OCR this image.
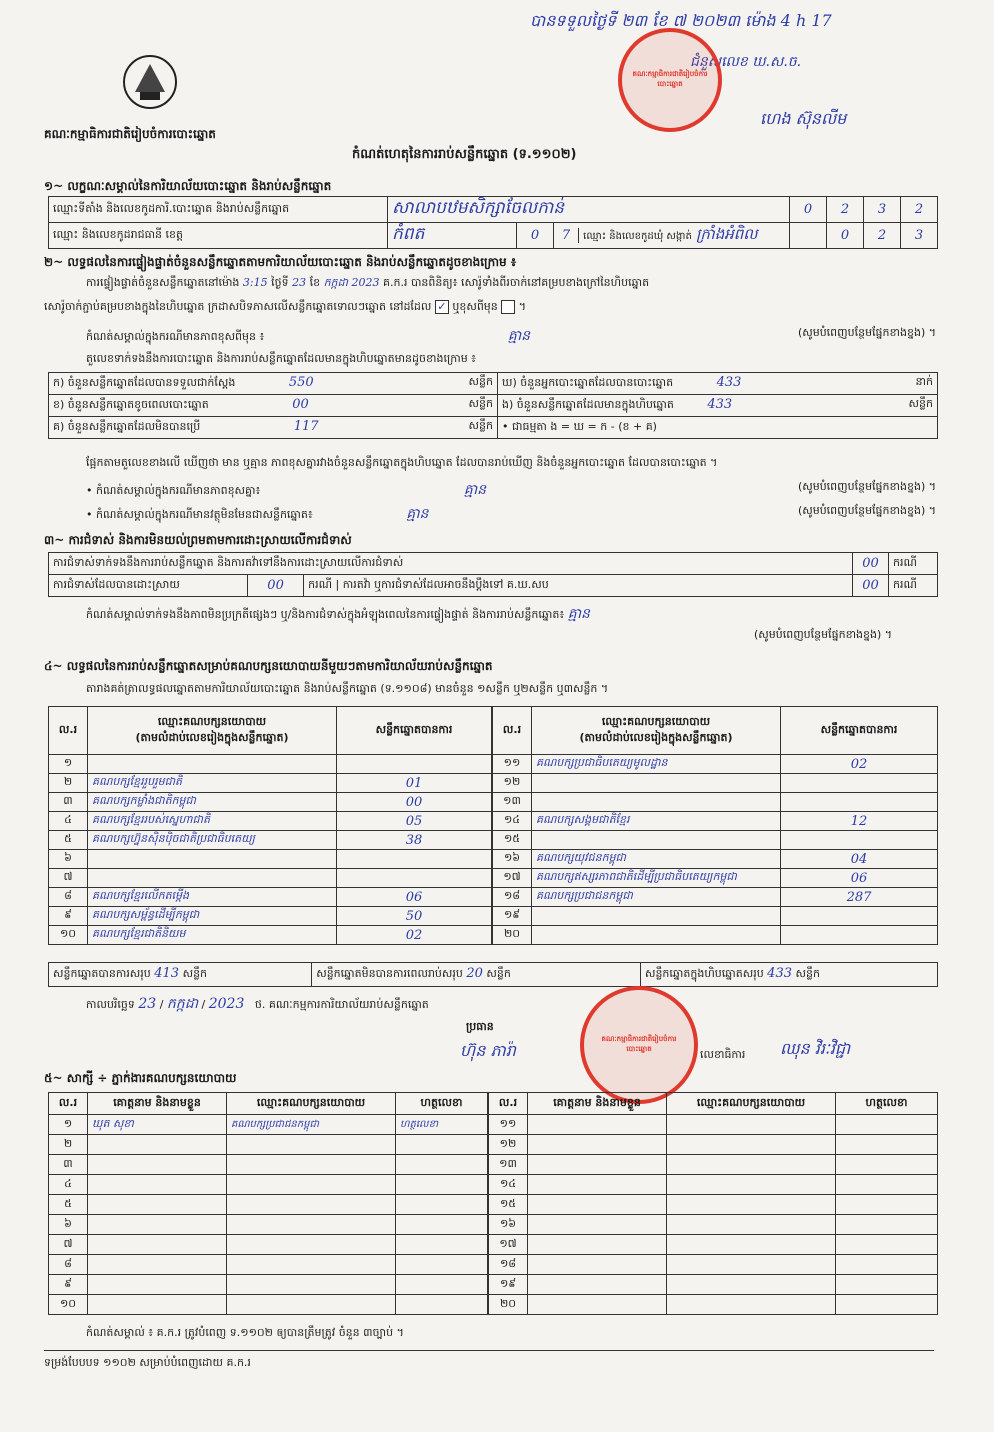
បានទទួលថ្ងៃទី ២៣ ខែ ៧ ២០២៣ ម៉ោង 4 h 17
ជំនួសលេខ ឃ.ស.ច.
ហេង ស៊ុនលីម
គណៈកម្មាធិការជាតិរៀបចំការបោះឆ្នោត
គណៈកម្មាធិការជាតិរៀបចំការបោះឆ្នោត
កំណត់ហេតុនៃការរាប់សន្លឹកឆ្នោត (ទ.១១០២)
១~ លក្ខណៈសម្គាល់នៃការិយាល័យបោះឆ្នោត និងរាប់សន្លឹកឆ្នោត
ឈ្មោះទីតាំង និងលេខកូដការិ.បោះឆ្នោត និងរាប់សន្លឹកឆ្នោត	សាលាបឋមសិក្សាចែលកាន់			0	2	3	2
ឈ្មោះ និងលេខកូដរាជធានី ខេត្ត	កំពត	0	7 ឈ្មោះ និងលេខកូដឃុំ សង្កាត់ ក្រាំងអំពិល		0	2	3
២~ លទ្ធផលនៃការផ្ទៀងផ្ទាត់ចំនួនសន្លឹកឆ្នោតតាមការិយាល័យបោះឆ្នោត និងរាប់សន្លឹកឆ្នោតដូចខាងក្រោម ៖
ការផ្ទៀងផ្ទាត់ចំនួនសន្លឹកឆ្នោតនៅម៉ោង 3:15 ថ្ងៃទី 23 ខែ កក្កដា 2023 គ.ក.រ បានពិនិត្យ៖ សោរ៉ូទាំងពីរចាក់នៅគម្របខាងក្រៅនៃហិបឆ្នោត
សោរ៉ូចាក់ភ្ជាប់គម្របខាងក្នុងនៃហិបឆ្នោត ក្រដាសបិទភាសលើសន្លឹកឆ្នោតទោលៗឆ្នោត នៅដដែល ✓ ឬខុសពីមុន  ។
កំណត់សម្គាល់ក្នុងករណីមានភាពខុសពីមុន ៖	គ្មាន	(សូមបំពេញបន្ថែមផ្នែកខាងខ្នង) ។
តួលេខទាក់ទងនឹងការបោះឆ្នោត និងការរាប់សន្លឹកឆ្នោតដែលមានក្នុងហិបឆ្នោតមានដូចខាងក្រោម ៖
ក) ចំនួនសន្លឹកឆ្នោតដែលបានទទួលជាក់ស្តែង 550 សន្លឹក	ឃ) ចំនួនអ្នកបោះឆ្នោតដែលបានបោះឆ្នោត 433 នាក់

ខ) ចំនួនសន្លឹកឆ្នោតខូចពេលបោះឆ្នោត 00 សន្លឹក	ង) ចំនួនសន្លឹកឆ្នោតដែលមានក្នុងហិបឆ្នោត 433 សន្លឹក

គ) ចំនួនសន្លឹកឆ្នោតដែលមិនបានប្រើ 117 សន្លឹក	• ជាធម្មតា ង = ឃ = ក - (ខ + គ)
ផ្អែកតាមតួលេខខាងលើ ឃើញថា មាន ឬគ្មាន ភាពខុសគ្នារវាងចំនួនសន្លឹកឆ្នោតក្នុងហិបឆ្នោត ដែលបានរាប់ឃើញ និងចំនួនអ្នកបោះឆ្នោត ដែលបានបោះឆ្នោត ។
• កំណត់សម្គាល់ក្នុងករណីមានភាពខុសគ្នា៖	គ្មាន	(សូមបំពេញបន្ថែមផ្នែកខាងខ្នង) ។
• កំណត់សម្គាល់ក្នុងករណីមានវត្ថុមិនមែនជាសន្លឹកឆ្នោត៖	គ្មាន	(សូមបំពេញបន្ថែមផ្នែកខាងខ្នង) ។
៣~ ការជំទាស់ និងការមិនយល់ព្រមតាមការដោះស្រាយលើការជំទាស់
ការជំទាស់ទាក់ទងនឹងការរាប់សន្លឹកឆ្នោត និងការតវ៉ាទៅនឹងការដោះស្រាយលើការជំទាស់			00	ករណី
ការជំទាស់ដែលបានដោះស្រាយ	00	ករណី | ការតវ៉ា ឬការជំទាស់ដែលអាចនឹងប្តឹងទៅ គ.ឃ.សប	00	ករណី
កំណត់សម្គាល់ទាក់ទងនឹងភាពមិនប្រក្រតីផ្សេងៗ ឬ/និងការជំទាស់ក្នុងអំឡុងពេលនៃការផ្ទៀងផ្ទាត់ និងការរាប់សន្លឹកឆ្នោត៖ គ្មាន
(សូមបំពេញបន្ថែមផ្នែកខាងខ្នង) ។
៤~ លទ្ធផលនៃការរាប់សន្លឹកឆ្នោតសម្រាប់គណបក្សនយោបាយនីមួយៗតាមការិយាល័យរាប់សន្លឹកឆ្នោត
តារាងគត់ត្រាលទ្ធផលឆ្នោតតាមការិយាល័យបោះឆ្នោត និងរាប់សន្លឹកឆ្នោត (ទ.១១០៨) មានចំនួន ១សន្លឹក ឬ២សន្លឹក ឬ៣សន្លឹក ។
ល.រ	ឈ្មោះគណបក្សនយោបាយ
(តាមលំដាប់លេខរៀងក្នុងសន្លឹកឆ្នោត)	សន្លឹកឆ្នោតបានការ
១		
២	គណបក្សខ្មែររួបរួមជាតិ	01
៣	គណបក្សកម្លាំងជាតិកម្ពុជា	00
៤	គណបក្សខ្មែររបស់ស្នេហាជាតិ	05
៥	គណបក្សហ្វ៊ុនស៊ិនប៉ិចជាតិប្រជាធិបតេយ្យ	38
៦		
៧		
៨	គណបក្សខ្មែរលើកតម្កើង	06
៩	គណបក្សសម្ព័ន្ធដើម្បីកម្ពុជា	50
១០	គណបក្សខ្មែរជាតិនិយម	02
ល.រ	ឈ្មោះគណបក្សនយោបាយ
(តាមលំដាប់លេខរៀងក្នុងសន្លឹកឆ្នោត)	សន្លឹកឆ្នោតបានការ
១១	គណបក្សប្រជាធិបតេយ្យមូលដ្ឋាន	02
១២		
១៣		
១៤	គណបក្សសង្គមជាតិខ្មែរ	12
១៥		
១៦	គណបក្សយុវជនកម្ពុជា	04
១៧	គណបក្សឥស្សរភាពជាតិដើម្បីប្រជាធិបតេយ្យកម្ពុជា	06
១៨	គណបក្សប្រជាជនកម្ពុជា	287
១៩		
២០		
សន្លឹកឆ្នោតបានការសរុប 413 សន្លឹក	សន្លឹកឆ្នោតមិនបានការពេលរាប់សរុប 20 សន្លឹក	សន្លឹកឆ្នោតក្នុងហិបឆ្នោតសរុប 433 សន្លឹក
កាលបរិច្ឆេទ 23 / កក្កដា / 2023 ថ. គណៈកម្មការការិយាល័យរាប់សន្លឹកឆ្នោត
ប្រធាន
ហ៊ុន ភារ៉ា	លេខាធិការ ឈុន វិរៈវិជ្ជា
គណៈកម្មាធិការជាតិរៀបចំការបោះឆ្នោត
៥~ សាក្សី ÷ ភ្នាក់ងារគណបក្សនយោបាយ
ល.រ	គោត្តនាម និងនាមខ្លួន	ឈ្មោះគណបក្សនយោបាយ	ហត្ថលេខា
១	ឃុត សុខា	គណបក្សប្រជាជនកម្ពុជា	ហត្ថលេខា
២			
៣			
៤			
៥			
៦			
៧			
៨			
៩			
១០			
ល.រ	គោត្តនាម និងនាមខ្លួន	ឈ្មោះគណបក្សនយោបាយ	ហត្ថលេខា
១១			
១២			
១៣			
១៤			
១៥			
១៦			
១៧			
១៨			
១៩			
២០			
កំណត់សម្គាល់ ៖ គ.ក.រ ត្រូវបំពេញ ទ.១១០២ ឲ្យបានត្រឹមត្រូវ ចំនួន ៣ច្បាប់ ។
ទម្រង់បែបបទ ១១០២ សម្រាប់បំពេញដោយ គ.ក.រ
